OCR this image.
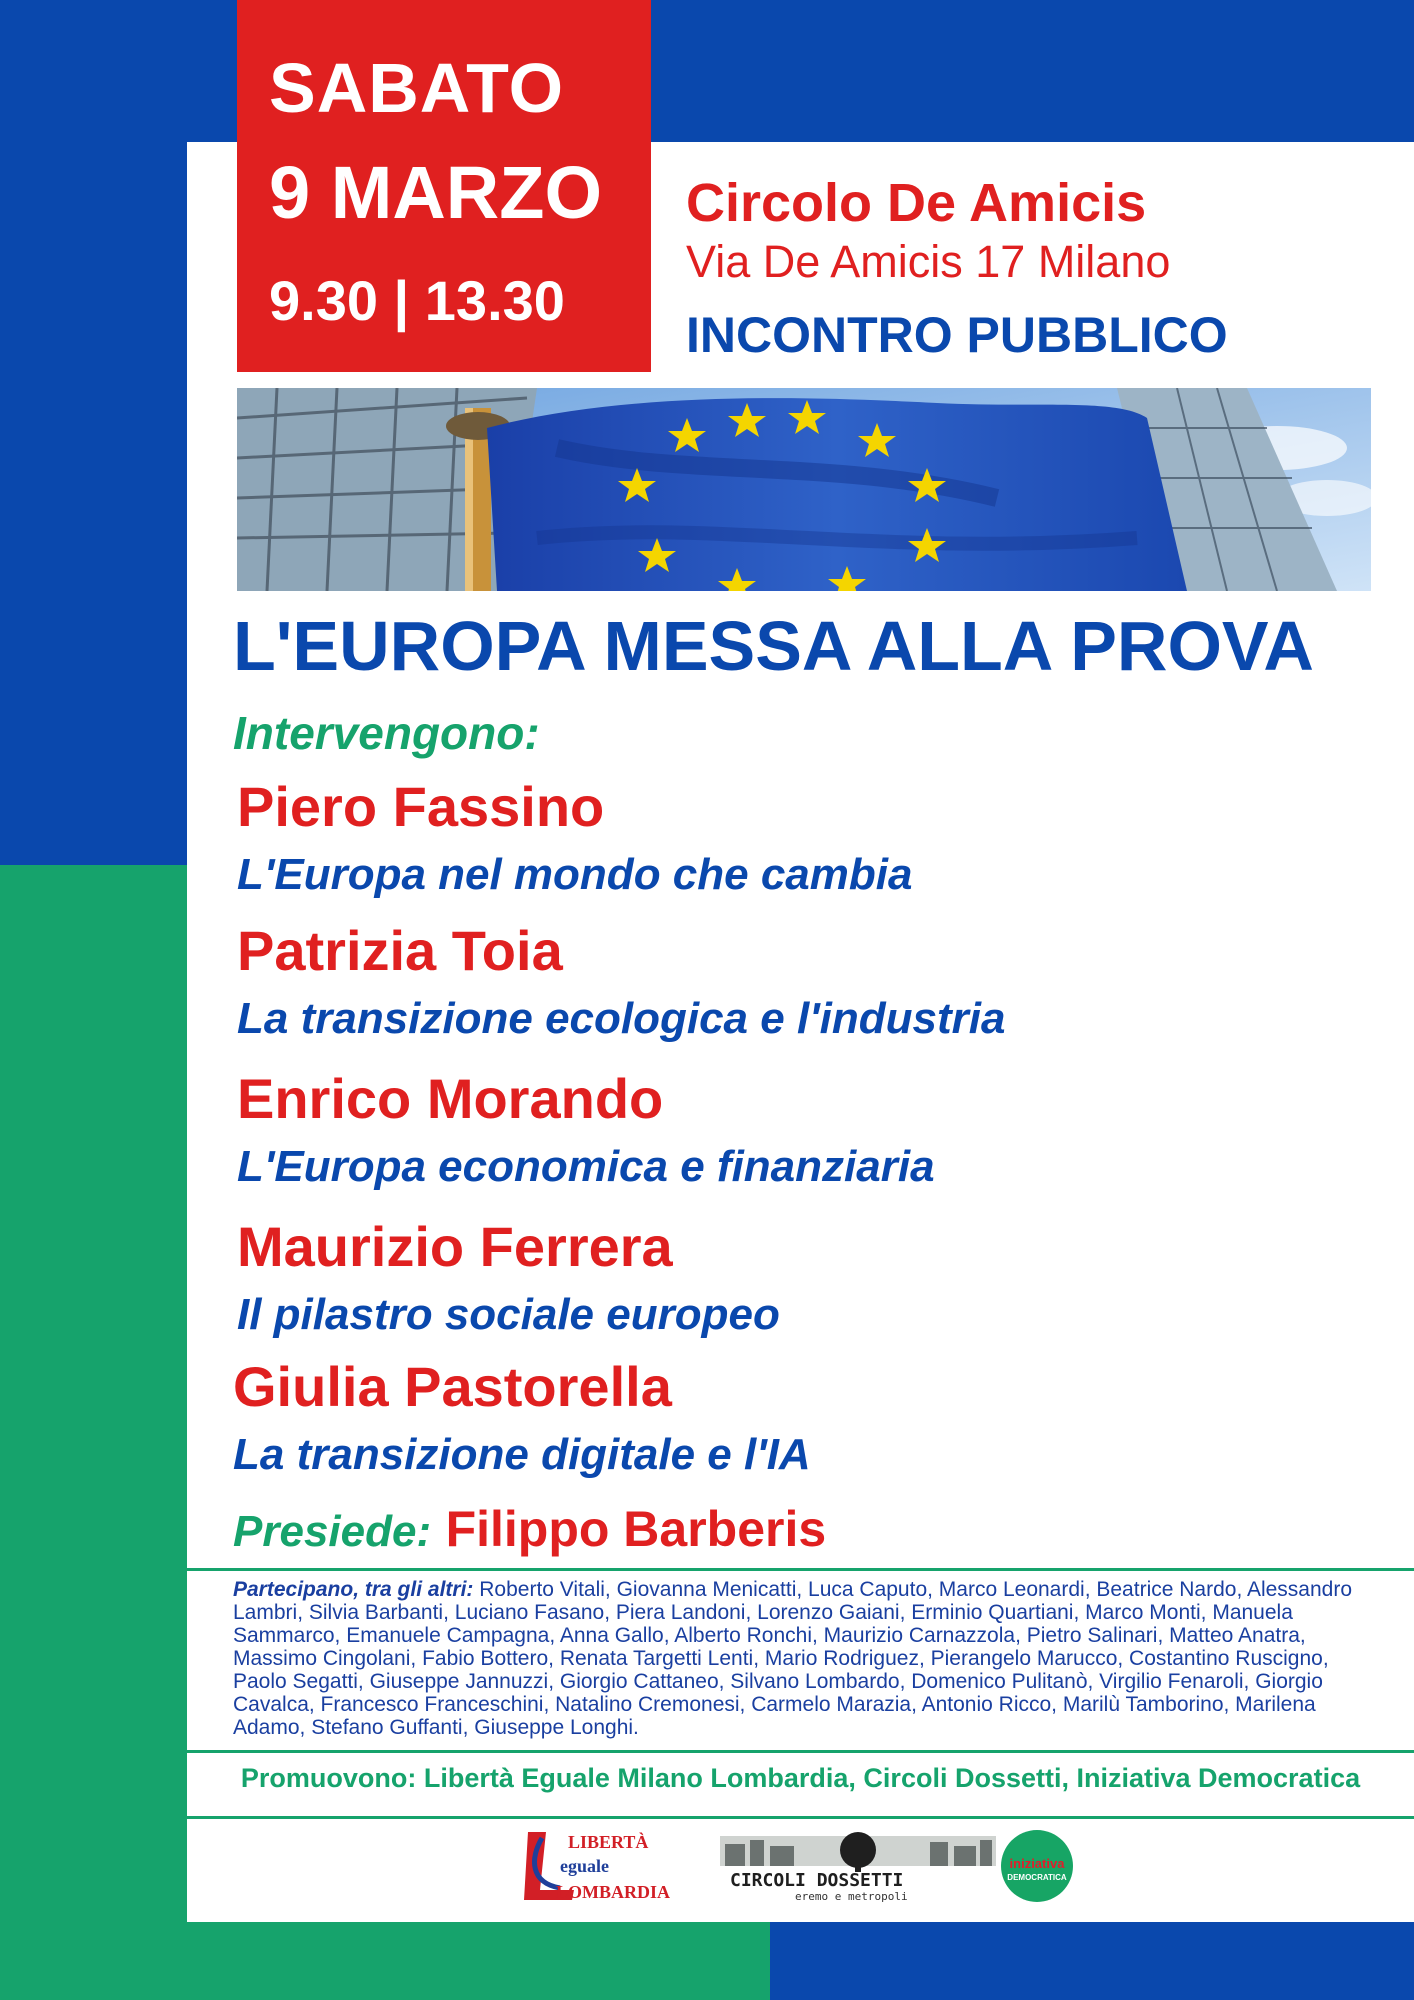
SABATO
9 MARZO
9.30 | 13.30
Circolo De Amicis
Via De Amicis 17 Milano
INCONTRO PUBBLICO
L'EUROPA MESSA ALLA PROVA
Intervengono:
Piero Fassino
L'Europa nel mondo che cambia
Patrizia Toia
La transizione ecologica e l'industria
Enrico Morando
L'Europa economica e finanziaria
Maurizio Ferrera
Il pilastro sociale europeo
Giulia Pastorella
La transizione digitale e l'IA
Presiede: Filippo Barberis
Partecipano, tra gli altri: Roberto Vitali, Giovanna Menicatti, Luca Caputo, Marco Leonardi, Beatrice Nardo, Alessandro Lambri, Silvia Barbanti, Luciano Fasano, Piera Landoni, Lorenzo Gaiani, Erminio Quartiani, Marco Monti, Manuela Sammarco, Emanuele Campagna, Anna Gallo, Alberto Ronchi, Maurizio Carnazzola, Pietro Salinari, Matteo Anatra, Massimo Cingolani, Fabio Bottero, Renata Targetti Lenti, Mario Rodriguez, Pierangelo Marucco, Costantino Ruscigno, Paolo Segatti, Giuseppe Jannuzzi, Giorgio Cattaneo, Silvano Lombardo, Domenico Pulitanò, Virgilio Fenaroli, Giorgio Cavalca, Francesco Franceschini, Natalino Cremonesi, Carmelo Marazia, Antonio Ricco, Marilù Tamborino, Marilena Adamo, Stefano Guffanti, Giuseppe Longhi.
Promuovono: Libertà Eguale Milano Lombardia, Circoli Dossetti, Iniziativa Democratica
LIBERTÀ
eguale
LOMBARDIA
CIRCOLI DOSSETTI
eremo e metropoli
iniziativa
DEMOCRATICA
